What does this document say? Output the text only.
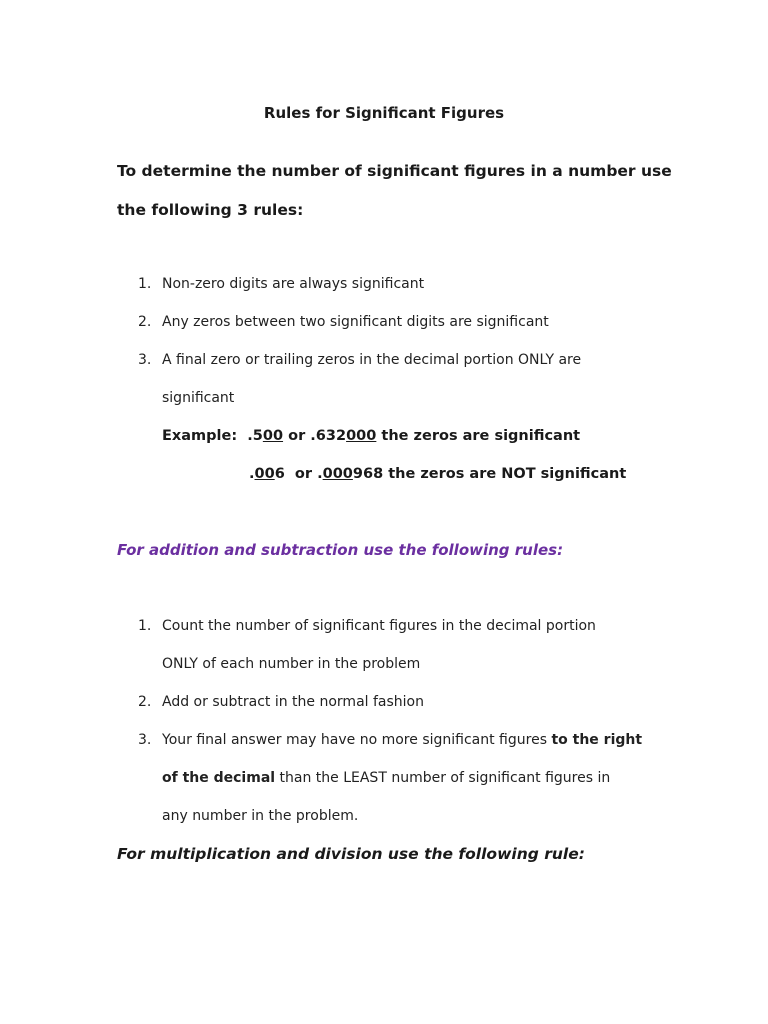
Rules for Significant Figures
To determine the number of significant figures in a number use
the following 3 rules:
1. Non-zero digits are always significant
2. Any zeros between two significant digits are significant
3. A final zero or trailing zeros in the decimal portion ONLY are
significant
Example: .500 or .632000 the zeros are significant
.006 or .000968 the zeros are NOT significant
For addition and subtraction use the following rules:
1. Count the number of significant figures in the decimal portion
ONLY of each number in the problem
2. Add or subtract in the normal fashion
3. Your final answer may have no more significant figures to the right
of the decimal than the LEAST number of significant figures in
any number in the problem.
For multiplication and division use the following rule:
